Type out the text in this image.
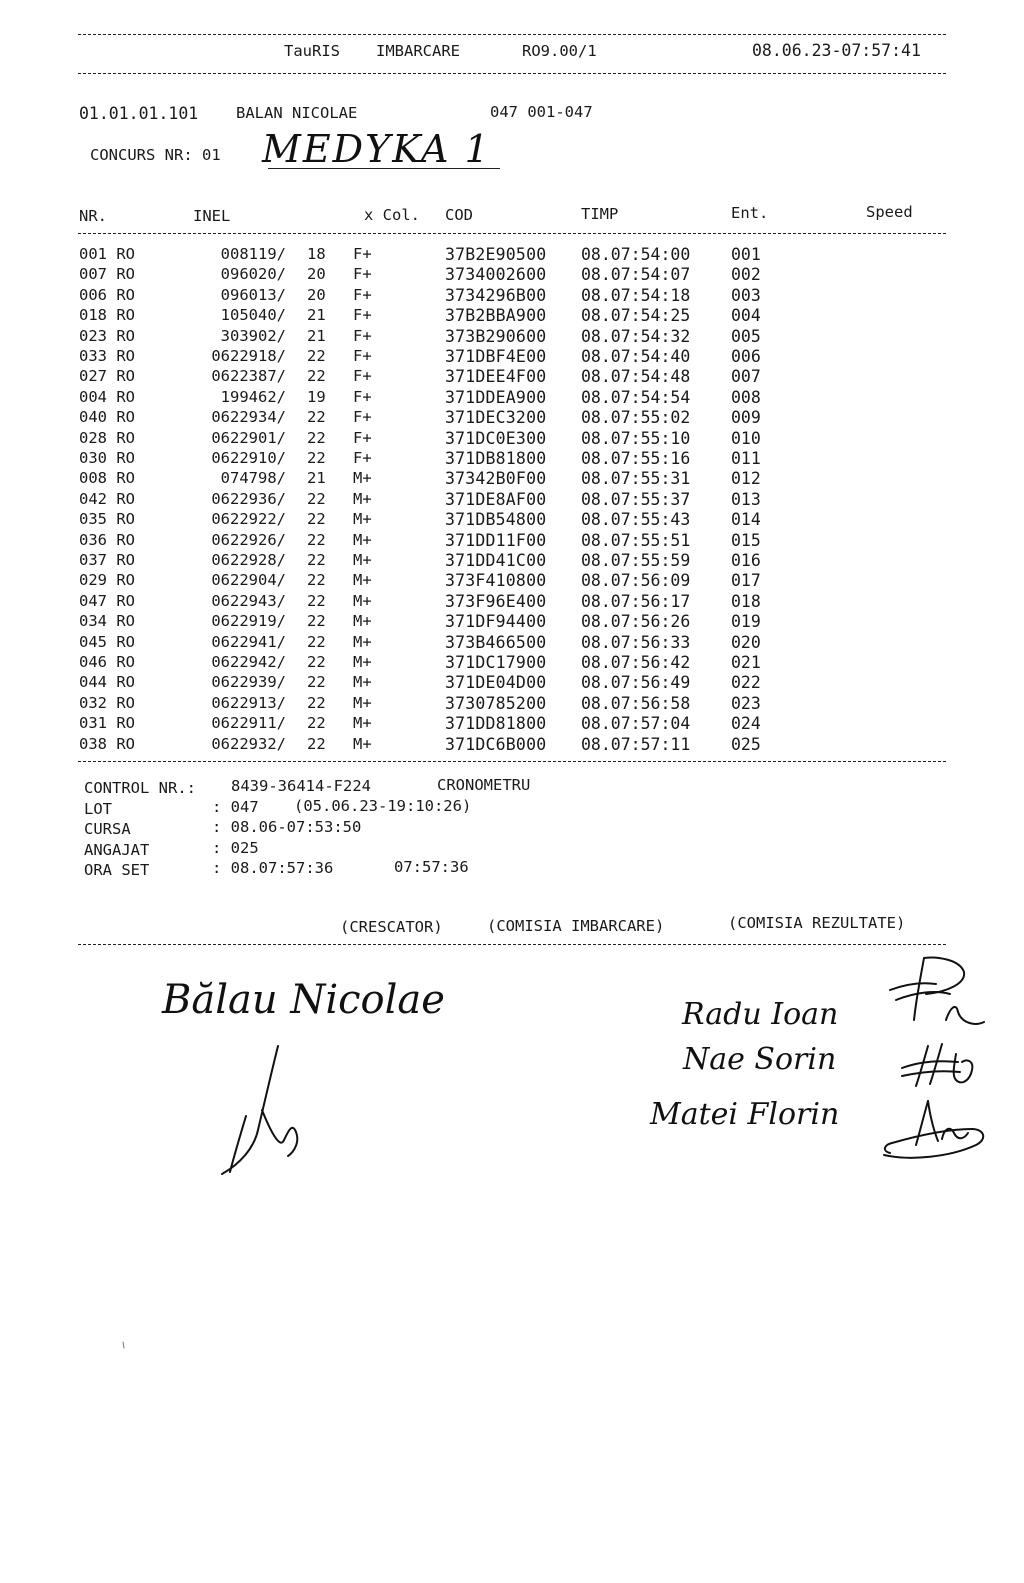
TauRIS IMBARCARE	RO9.00/1	08.06.23-07:57:41
01.01.01.101 BALAN NICOLAE	047 001-047
CONCURS NR: 01 MEDYKA 1
NR.	INEL	x Col. COD	TIMP	Ent.	Speed
001 RO	008119/ 18 F+	37B2E90500 08.07:54:00 001
007 RO	096020/ 20 F+	3734002600 08.07:54:07 002
006 RO	096013/ 20 F+	3734296B00 08.07:54:18 003
018 RO	105040/ 21 F+	37B2BBA900 08.07:54:25 004
023 RO	303902/ 21 F+	373B290600 08.07:54:32 005
033 RO	0622918/ 22 F+	371DBF4E00 08.07:54:40 006
027 RO	0622387/ 22 F+	371DEE4F00 08.07:54:48 007
004 RO	199462/ 19 F+	371DDEA900 08.07:54:54 008
040 RO	0622934/ 22 F+	371DEC3200 08.07:55:02 009
028 RO	0622901/ 22 F+	371DC0E300 08.07:55:10 010
030 RO	0622910/ 22 F+	371DB81800 08.07:55:16 011
008 RO	074798/ 21 M+	37342B0F00 08.07:55:31 012
042 RO	0622936/ 22 M+	371DE8AF00 08.07:55:37 013
035 RO	0622922/ 22 M+	371DB54800 08.07:55:43 014
036 RO	0622926/ 22 M+	371DD11F00 08.07:55:51 015
037 RO	0622928/ 22 M+	371DD41C00 08.07:55:59 016
029 RO	0622904/ 22 M+	373F410800 08.07:56:09 017
047 RO	0622943/ 22 M+	373F96E400 08.07:56:17 018
034 RO	0622919/ 22 M+	371DF94400 08.07:56:26 019
045 RO	0622941/ 22 M+	373B466500 08.07:56:33 020
046 RO	0622942/ 22 M+	371DC17900 08.07:56:42 021
044 RO	0622939/ 22 M+	371DE04D00 08.07:56:49 022
032 RO	0622913/ 22 M+	3730785200 08.07:56:58 023
031 RO	0622911/ 22 M+	371DD81800 08.07:57:04 024
038 RO	0622932/ 22 M+	371DC6B000 08.07:57:11 025
CONTROL NR.: 8439-36414-F224	CRONOMETRU
LOT	: 047 (05.06.23-19:10:26)
CURSA	: 08.06-07:53:50
ANGAJAT	: 025
ORA SET	: 08.07:57:36	07:57:36
(CRESCATOR)	(COMISIA IMBARCARE)	(COMISIA REZULTATE)
Bălau Nicolae	Radu Ioan
Nae Sorin
Matei Florin
